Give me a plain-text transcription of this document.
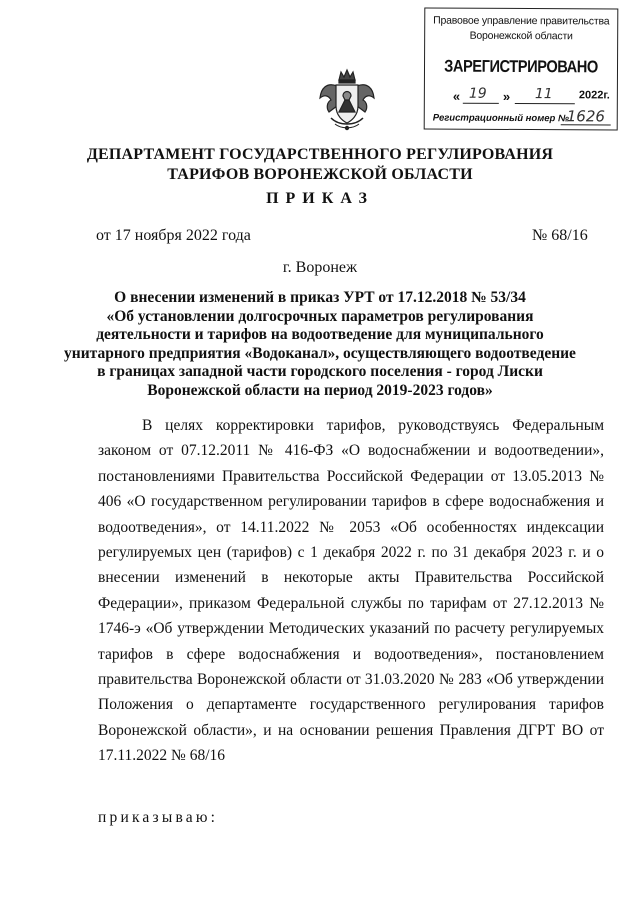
Правовое управление правительства
Воронежской области
ЗАРЕГИСТРИРОВАНО
« 19 » 11 2022г.
Регистрационный номер №
1626
ДЕПАРТАМЕНТ ГОСУДАРСТВЕННОГО РЕГУЛИРОВАНИЯ
ТАРИФОВ ВОРОНЕЖСКОЙ ОБЛАСТИ
ПРИКАЗ
от 17 ноября 2022 года	№ 68/16
г. Воронеж
О внесении изменений в приказ УРТ от 17.12.2018 № 53/34
«Об установлении долгосрочных параметров регулирования
деятельности и тарифов на водоотведение для муниципального
унитарного предприятия «Водоканал», осуществляющего водоотведение
в границах западной части городского поселения - город Лиски
Воронежской области на период 2019-2023 годов»

В целях корректировки тарифов, руководствуясь Федеральным законом от 07.12.2011 № 416-ФЗ «О водоснабжении и водоотведении», постановлениями Правительства Российской Федерации от 13.05.2013 № 406 «О государственном регулировании тарифов в сфере водоснабжения и водоотведения», от 14.11.2022 № 2053 «Об особенностях индексации регулируемых цен (тарифов) с 1 декабря 2022 г. по 31 декабря 2023 г. и о внесении изменений в некоторые акты Правительства Российской Федерации», приказом Федеральной службы по тарифам от 27.12.2013 № 1746-э «Об утверждении Методических указаний по расчету регулируемых тарифов в сфере водоснабжения и водоотведения», постановлением правительства Воронежской области от 31.03.2020 № 283 «Об утверждении Положения о департаменте государственного регулирования тарифов Воронежской области», и на основании решения Правления ДГРТ ВО от 17.11.2022 № 68/16

приказываю:
